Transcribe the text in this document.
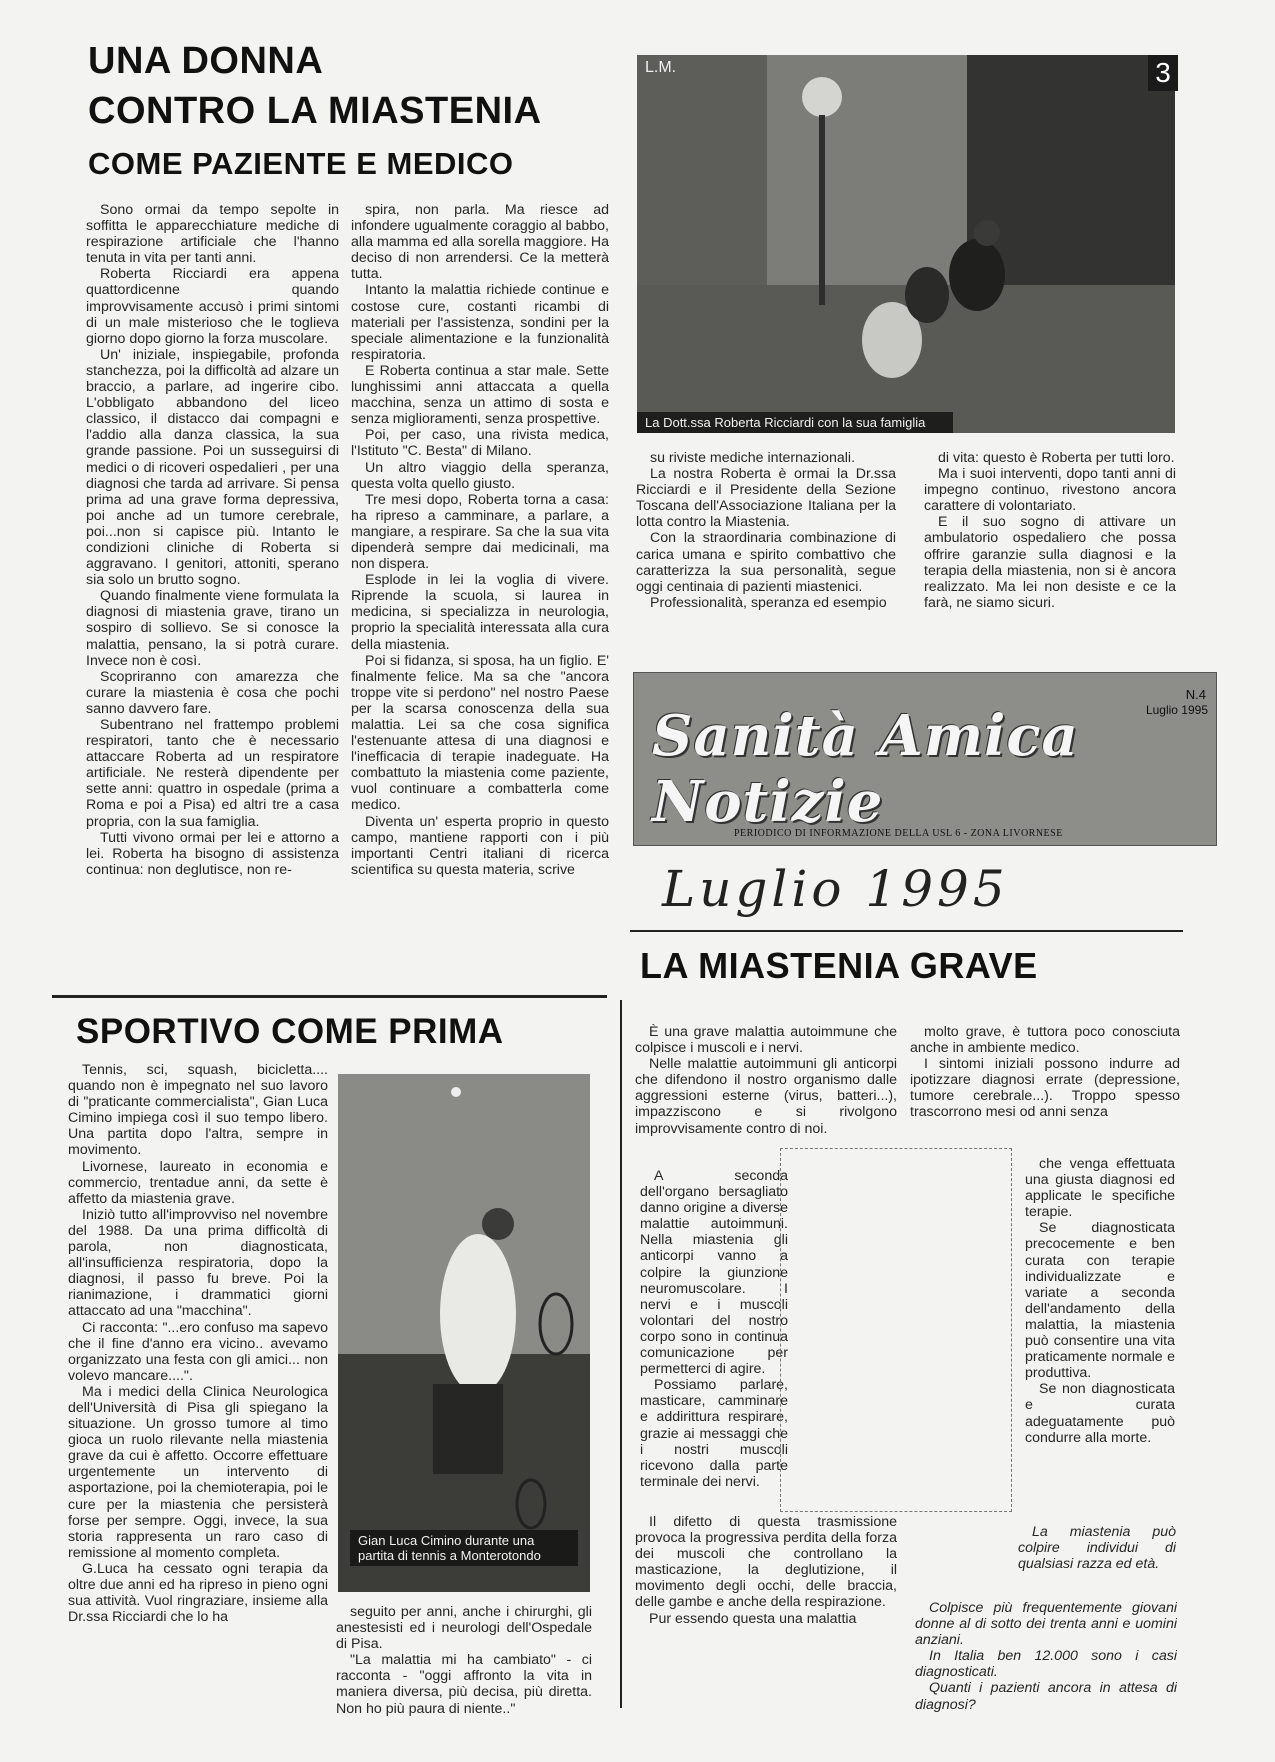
UNA DONNA
CONTRO LA MIASTENIA
COME PAZIENTE E MEDICO

Sono ormai da tempo sepolte in soffitta le apparecchiature mediche di respirazione artificiale che l'hanno tenuta in vita per tanti anni.

Roberta Ricciardi era appena quattordicenne quando improvvisamente accusò i primi sintomi di un male misterioso che le toglieva giorno dopo giorno la forza muscolare.

Un' iniziale, inspiegabile, profonda stanchezza, poi la difficoltà ad alzare un braccio, a parlare, ad ingerire cibo. L'obbligato abbandono del liceo classico, il distacco dai compagni e l'addio alla danza classica, la sua grande passione. Poi un susseguirsi di medici o di ricoveri ospedalieri , per una diagnosi che tarda ad arrivare. Si pensa prima ad una grave forma depressiva, poi anche ad un tumore cerebrale, poi...non si capisce più. Intanto le condizioni cliniche di Roberta si aggravano. I genitori, attoniti, sperano sia solo un brutto sogno.

Quando finalmente viene formulata la diagnosi di miastenia grave, tirano un sospiro di sollievo. Se si conosce la malattia, pensano, la si potrà curare. Invece non è così.

Scopriranno con amarezza che curare la miastenia è cosa che pochi sanno davvero fare.

Subentrano nel frattempo problemi respiratori, tanto che è necessario attaccare Roberta ad un respiratore artificiale. Ne resterà dipendente per sette anni: quattro in ospedale (prima a Roma e poi a Pisa) ed altri tre a casa propria, con la sua famiglia.

Tutti vivono ormai per lei e attorno a lei. Roberta ha bisogno di assistenza continua: non deglutisce, non re-

spira, non parla. Ma riesce ad infondere ugualmente coraggio al babbo, alla mamma ed alla sorella maggiore. Ha deciso di non arrendersi. Ce la metterà tutta.

Intanto la malattia richiede continue e costose cure, costanti ricambi di materiali per l'assistenza, sondini per la speciale alimentazione e la funzionalità respiratoria.

E Roberta continua a star male. Sette lunghissimi anni attaccata a quella macchina, senza un attimo di sosta e senza miglioramenti, senza prospettive.

Poi, per caso, una rivista medica, l'Istituto "C. Besta" di Milano.

Un altro viaggio della speranza, questa volta quello giusto.

Tre mesi dopo, Roberta torna a casa: ha ripreso a camminare, a parlare, a mangiare, a respirare. Sa che la sua vita dipenderà sempre dai medicinali, ma non dispera.

Esplode in lei la voglia di vivere. Riprende la scuola, si laurea in medicina, si specializza in neurologia, proprio la specialità interessata alla cura della miastenia.

Poi si fidanza, si sposa, ha un figlio. E' finalmente felice. Ma sa che "ancora troppe vite si perdono" nel nostro Paese per la scarsa conoscenza della sua malattia. Lei sa che cosa significa l'estenuante attesa di una diagnosi e l'inefficacia di terapie inadeguate. Ha combattuto la miastenia come paziente, vuol continuare a combatterla come medico.

Diventa un' esperta proprio in questo campo, mantiene rapporti con i più importanti Centri italiani di ricerca scientifica su questa materia, scrive

L.M.
La Dott.ssa Roberta Ricciardi con la sua famiglia
3

su riviste mediche internazionali.

La nostra Roberta è ormai la Dr.ssa Ricciardi e il Presidente della Sezione Toscana dell'Associazione Italiana per la lotta contro la Miastenia.

Con la straordinaria combinazione di carica umana e spirito combattivo che caratterizza la sua personalità, segue oggi centinaia di pazienti miastenici.

Professionalità, speranza ed esempio

di vita: questo è Roberta per tutti loro.

Ma i suoi interventi, dopo tanti anni di impegno continuo, rivestono ancora carattere di volontariato.

E il suo sogno di attivare un ambulatorio ospedaliero che possa offrire garanzie sulla diagnosi e la terapia della miastenia, non si è ancora realizzato. Ma lei non desiste e ce la farà, ne siamo sicuri.

Sanità Amica Notizie
N.4
Luglio 1995
PERIODICO DI INFORMAZIONE DELLA USL 6 - ZONA LIVORNESE
Luglio 1995
SPORTIVO COME PRIMA

Tennis, sci, squash, bicicletta.... quando non è impegnato nel suo lavoro di "praticante commercialista", Gian Luca Cimino impiega così il suo tempo libero. Una partita dopo l'altra, sempre in movimento.

Livornese, laureato in economia e commercio, trentadue anni, da sette è affetto da miastenia grave.

Iniziò tutto all'improvviso nel novembre del 1988. Da una prima difficoltà di parola, non diagnosticata, all'insufficienza respiratoria, dopo la diagnosi, il passo fu breve. Poi la rianimazione, i drammatici giorni attaccato ad una "macchina".

Ci racconta: "...ero confuso ma sapevo che il fine d'anno era vicino.. avevamo organizzato una festa con gli amici... non volevo mancare....".

Ma i medici della Clinica Neurologica dell'Università di Pisa gli spiegano la situazione. Un grosso tumore al timo gioca un ruolo rilevante nella miastenia grave da cui è affetto. Occorre effettuare urgentemente un intervento di asportazione, poi la chemioterapia, poi le cure per la miastenia che persisterà forse per sempre. Oggi, invece, la sua storia rappresenta un raro caso di remissione al momento completa.

G.Luca ha cessato ogni terapia da oltre due anni ed ha ripreso in pieno ogni sua attività. Vuol ringraziare, insieme alla Dr.ssa Ricciardi che lo ha

Gian Luca Cimino durante una partita di tennis a Monterotondo

seguito per anni, anche i chirurghi, gli anestesisti ed i neurologi dell'Ospedale di Pisa.

"La malattia mi ha cambiato" - ci racconta - "oggi affronto la vita in maniera diversa, più decisa, più diretta. Non ho più paura di niente.."

LA MIASTENIA GRAVE

È una grave malattia autoimmune che colpisce i muscoli e i nervi.

Nelle malattie autoimmuni gli anticorpi che difendono il nostro organismo dalle aggressioni esterne (virus, batteri...), impazziscono e si rivolgono improvvisamente contro di noi.

A seconda dell'organo bersagliato danno origine a diverse malattie autoimmuni. Nella miastenia gli anticorpi vanno a colpire la giunzione neuromuscolare. I nervi e i muscoli volontari del nostro corpo sono in continua comunicazione per permetterci di agire.

Possiamo parlare, masticare, camminare e addirittura respirare, grazie ai messaggi che i nostri muscoli ricevono dalla parte terminale dei nervi.

Il difetto di questa trasmissione provoca la progressiva perdita della forza dei muscoli che controllano la masticazione, la deglutizione, il movimento degli occhi, delle braccia, delle gambe e anche della respirazione.

Pur essendo questa una malattia

molto grave, è tuttora poco conosciuta anche in ambiente medico.

I sintomi iniziali possono indurre ad ipotizzare diagnosi errate (depressione, tumore cerebrale...). Troppo spesso trascorrono mesi od anni senza

che venga effettuata una giusta diagnosi ed applicate le specifiche terapie.

Se diagnosticata precocemente e ben curata con terapie individualizzate e variate a seconda dell'andamento della malattia, la miastenia può consentire una vita praticamente normale e produttiva.

Se non diagnosticata e curata adeguatamente può condurre alla morte.

La miastenia può colpire individui di qualsiasi razza ed età.

Colpisce più frequentemente giovani donne al di sotto dei trenta anni e uomini anziani.

In Italia ben 12.000 sono i casi diagnosticati.

Quanti i pazienti ancora in attesa di diagnosi?
